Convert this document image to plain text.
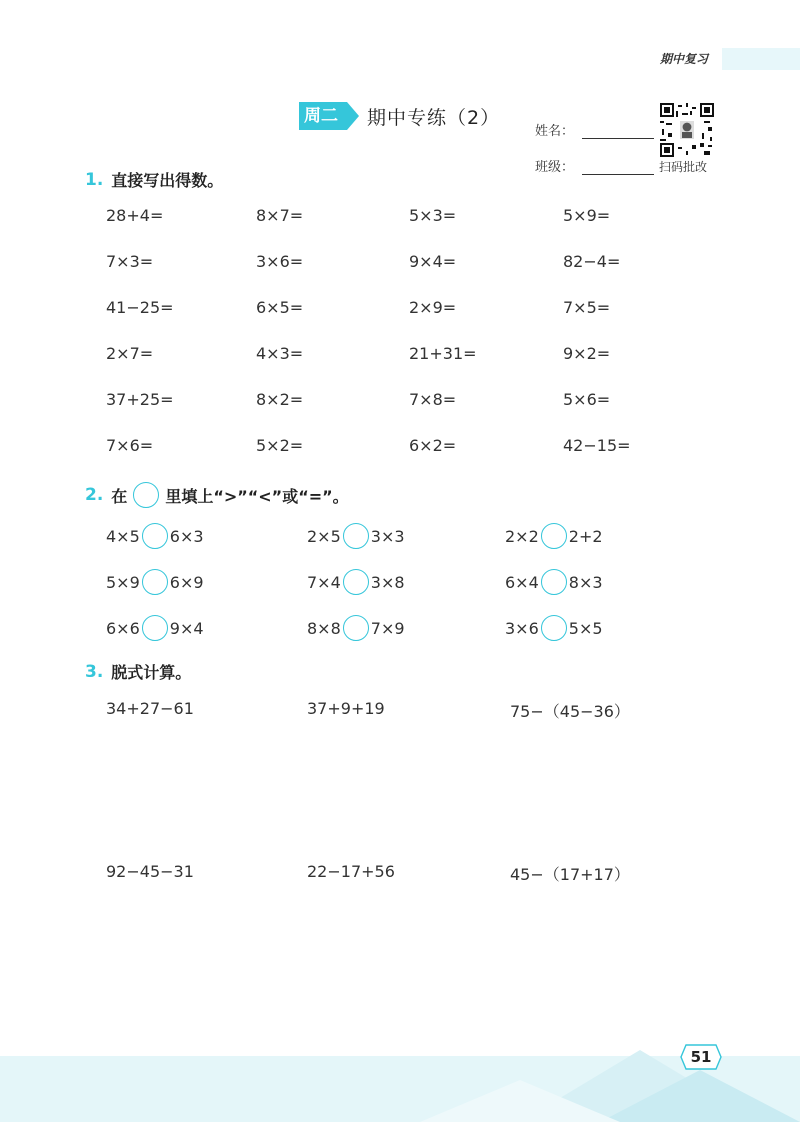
期中复习
周二	期中专练（2）
姓名：
班级：	扫码批改
1. 直接写出得数。
28+4=	8×7=	5×3=	5×9=
7×3=	3×6=	9×4=	82−4=
41−25=	6×5=	2×9=	7×5=
2×7=	4×3=	21+31=	9×2=
37+25=	8×2=	7×8=	5×6=
7×6=	5×2=	6×2=	42−15=
2. 在 里填上“>”“<”或“=”。
4×5 6×3	2×5 3×3	2×2 2+2
5×9 6×9	7×4 3×8	6×4 8×3
6×6 9×4	8×8 7×9	3×6 5×5
3. 脱式计算。
34+27−61	37+9+19	75−（45−36）
92−45−31	22−17+56	45−（17+17）
51
